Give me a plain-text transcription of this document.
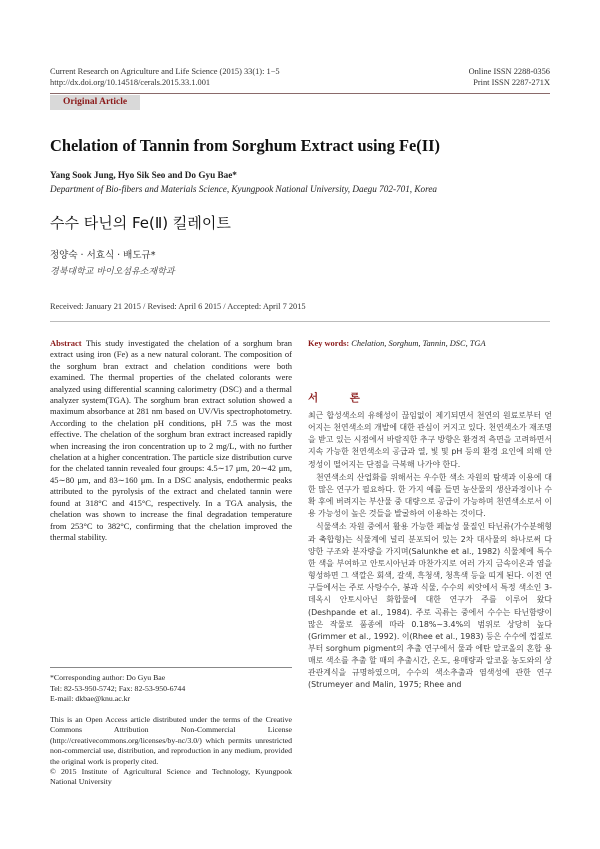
Current Research on Agriculture and Life Science (2015) 33(1): 1−5
http://dx.doi.org/10.14518/cerals.2015.33.1.001
Online ISSN 2288-0356
Print ISSN 2287-271X
Original Article
Chelation of Tannin from Sorghum Extract using Fe(II)
Yang Sook Jung, Hyo Sik Seo and Do Gyu Bae*
Department of Bio-fibers and Materials Science, Kyungpook National University, Daegu 702-701, Korea
수수 타닌의 Fe(Ⅱ) 킬레이트
정양숙 · 서효식 · 배도규*
경북대학교 바이오섬유소재학과
Received: January 21 2015 / Revised: April 6 2015 / Accepted: April 7 2015
Abstract This study investigated the chelation of a sorghum bran extract using iron (Fe) as a new natural colorant. The composition of the sorghum bran extract and chelation conditions were both examined. The thermal properties of the chelated colorants were analyzed using differential scanning calorimetry (DSC) and a thermal analyzer system(TGA). The sorghum bran extract solution showed a maximum absorbance at 281 nm based on UV/Vis spectrophotometry. According to the chelation pH conditions, pH 7.5 was the most effective. The chelation of the sorghum bran extract increased rapidly when increasing the iron concentration up to 2 mg/L, with no further chelation at a higher concentration. The particle size distribution curve for the chelated tannin revealed four groups: 4.5∼17 μm, 20∼42 μm, 45∼80 μm, and 83∼160 μm. In a DSC analysis, endothermic peaks attributed to the pyrolysis of the extract and chelated tannin were found at 318°C and 415°C, respectively. In a TGA analysis, the chelation was shown to increase the final degradation temperature from 253°C to 382°C, confirming that the chelation improved the thermal stability.
Key words: Chelation, Sorghum, Tannin, DSC, TGA
서 론

최근 합성색소의 유해성이 끊임없이 제기되면서 천연의 원료로부터 얻어지는 천연색소의 개발에 대한 관심이 커지고 있다. 천연색소가 재조명을 받고 있는 시점에서 바람직한 추구 방향은 환경적 측면을 고려하면서 지속 가능한 천연색소의 공급과 열, 빛 및 pH 등의 환경 요인에 의해 안정성이 떨어지는 단점을 극복해 나가야 한다.

천연색소의 산업화를 위해서는 우수한 색소 자원의 탐색과 이용에 대한 많은 연구가 필요하다. 한 가지 예를 들면 농산물의 생산과정이나 수확 후에 버려지는 부산물 중 대량으로 공급이 가능하며 천연색소로서 이용 가능성이 높은 것들을 발굴하여 이용하는 것이다.

식물색소 자원 중에서 활용 가능한 페놀성 물질인 타닌류(가수분해형과 축합형)는 식물계에 널리 분포되어 있는 2차 대사물의 하나로써 다양한 구조와 분자량을 가지며(Salunkhe et al., 1982) 식물체에 특수한 색을 부여하고 안토시아닌과 마찬가지로 여러 가지 금속이온과 염을 형성하면 그 색깔은 회색, 갈색, 흑청색, 청흑색 등을 띠게 된다. 이전 연구들에서는 주로 사탕수수, 봉과 식물, 수수의 씨앗에서 특정 색소인 3-데옥시 안토시아닌 화합물에 대한 연구가 주를 이루어 왔다(Deshpande et al., 1984). 주로 곡류는 중에서 수수는 타닌함량이 많은 작물로 품종에 따라 0.18%~3.4%의 범위로 상당히 높다(Grimmer et al., 1992). 이(Rhee et al., 1983) 등은 수수에 껍질로부터 sorghum pigment의 추출 연구에서 물과 에탄 알코올의 혼합 용매로 색소를 추출 할 때의 추출시간, 온도, 용매량과 알코올 농도와의 상관관계식을 규명하였으며, 수수의 색소추출과 염색성에 관한 연구(Strumeyer and Malin, 1975; Rhee and

*Corresponding author: Do Gyu Bae
Tel: 82-53-950-5742; Fax: 82-53-950-6744
E-mail: dkbae@knu.ac.kr
This is an Open Access article distributed under the terms of the Creative Commons Attribution Non-Commercial License (http://creativecommons.org/licenses/by-nc/3.0/) which permits unrestricted non-commercial use, distribution, and reproduction in any medium, provided the original work is properly cited.
© 2015 Institute of Agricultural Science and Technology, Kyungpook National University
